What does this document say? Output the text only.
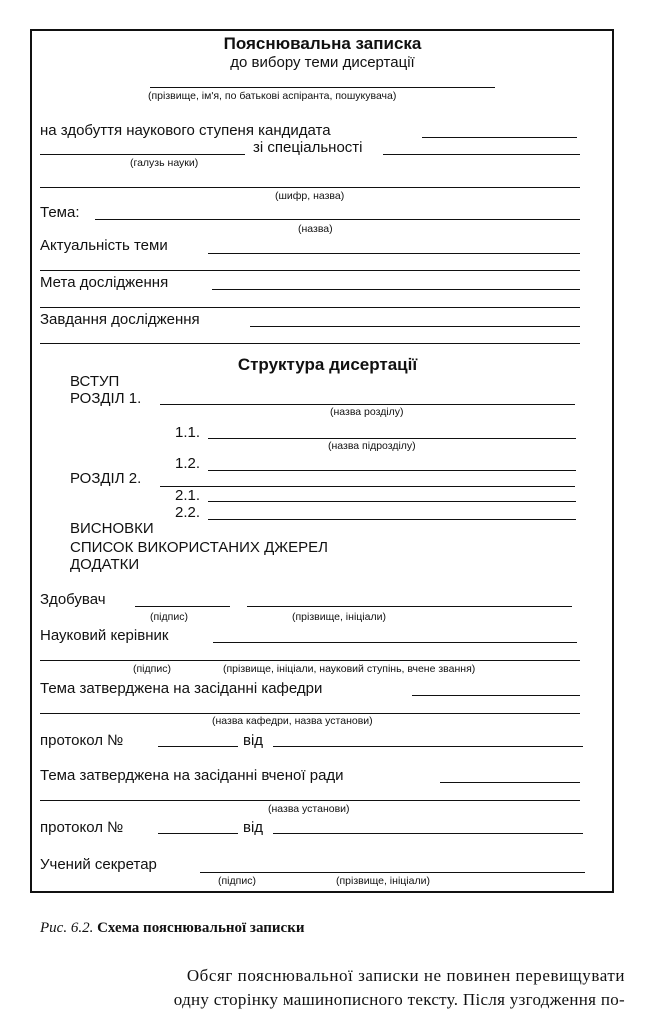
Пояснювальна записка
до вибору теми дисертації
(прізвище, ім'я, по батькові аспіранта, пошукувача)
на здобуття наукового ступеня кандидата
зі спеціальності
(галузь науки)
(шифр, назва)
Тема:
(назва)
Актуальність теми
Мета дослідження
Завдання дослідження
Структура дисертації
ВСТУП
РОЗДІЛ 1.
(назва розділу)
1.1.
(назва підрозділу)
1.2.
РОЗДІЛ 2.
2.1.
2.2.
ВИСНОВКИ
СПИСОК ВИКОРИСТАНИХ ДЖЕРЕЛ
ДОДАТКИ
Здобувач
(підпис)	(прізвище, ініціали)
Науковий керівник
(підпис)	(прізвище, ініціали, науковий ступінь, вчене звання)
Тема затверджена на засіданні кафедри
(назва кафедри, назва установи)
протокол №	від
Тема затверджена на засіданні вченої ради
(назва установи)
протокол №	від
Учений секретар
(підпис)	(прізвище, ініціали)
Рис. 6.2. Схема пояснювальної записки
Обсяг пояснювальної записки не повинен перевищувати
одну сторінку машинописного тексту. Після узгодження по-
